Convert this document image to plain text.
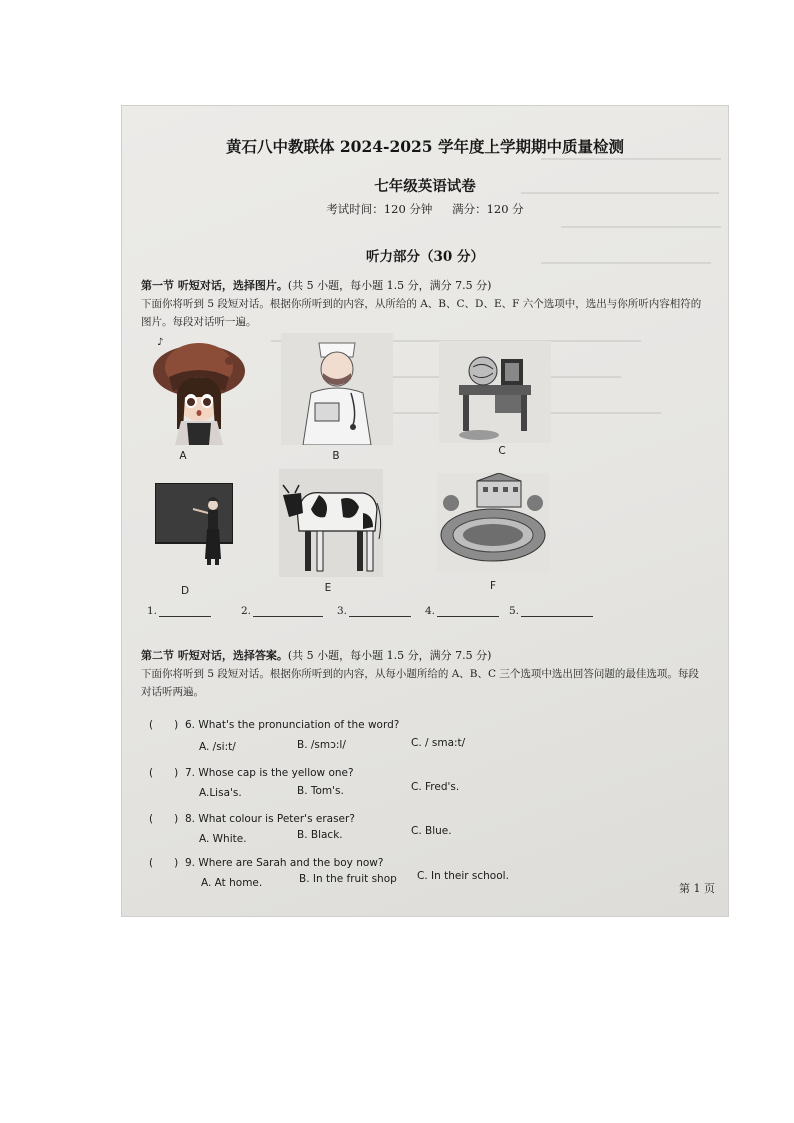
黄石八中教联体 2024-2025 学年度上学期期中质量检测
七年级英语试卷
考试时间：120 分钟 满分：120 分
听力部分（30 分）
第一节 听短对话，选择图片。(共 5 小题，每小题 1.5 分，满分 7.5 分)
下面你将听到 5 段短对话。根据你所听到的内容，从所给的 A、B、C、D、E、F 六个选项中，选出与你所听内容相符的图片。每段对话听一遍。
♪
A	B	C
D	E	F
1.	2.	3.	4.	5.
第二节 听短对话，选择答案。(共 5 小题，每小题 1.5 分，满分 7.5 分)
下面你将听到 5 段短对话。根据你所听到的内容，从每小题所给的 A、B、C 三个选项中选出回答问题的最佳选项。每段对话听两遍。
(　　) 6. What's the pronunciation of the word?
A. /si:t/	B. /smɔ:l/	C. / sma:t/
(　　) 7. Whose cap is the yellow one?
A.Lisa's.	B. Tom's.	C. Fred's.
(　　) 8. What colour is Peter's eraser?
A. White.	B. Black.	C. Blue.
(　　) 9. Where are Sarah and the boy now?
A. At home.	B. In the fruit shop C. In their school.
第 1 页
